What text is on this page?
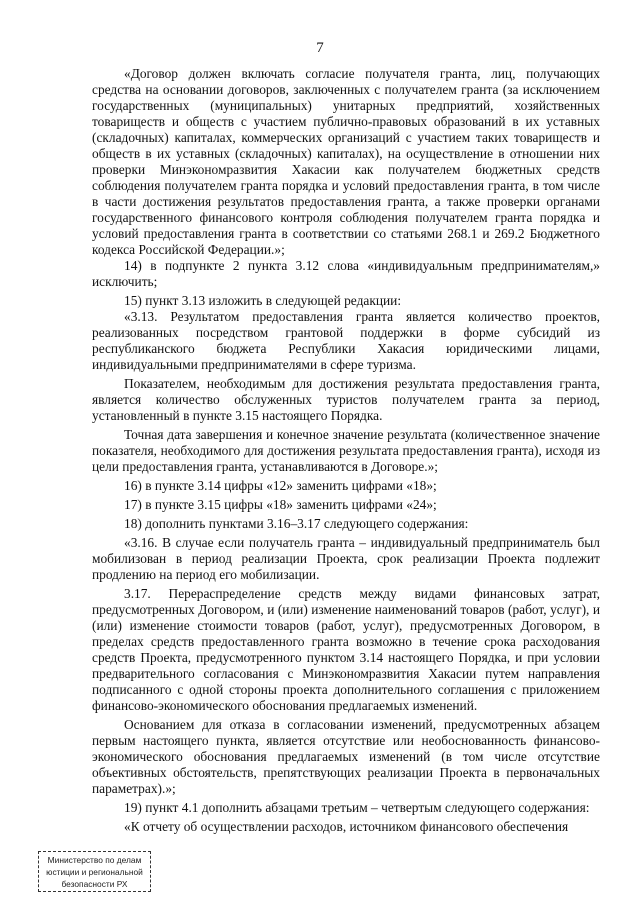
7

«Договор должен включать согласие получателя гранта, лиц, получающих средства на основании договоров, заключенных с получателем гранта (за исключением государственных (муниципальных) унитарных предприятий, хозяйственных товариществ и обществ с участием публично-правовых образований в их уставных (складочных) капиталах, коммерческих организаций с участием таких товариществ и обществ в их уставных (складочных) капиталах), на осуществление в отношении них проверки Минэкономразвития Хакасии как получателем бюджетных средств соблюдения получателем гранта порядка и условий предоставления гранта, в том числе в части достижения результатов предоставления гранта, а также проверки органами государственного финансового контроля соблюдения получателем гранта порядка и условий предоставления гранта в соответствии со статьями 268.1 и 269.2 Бюджетного кодекса Российской Федерации.»;

14) в подпункте 2 пункта 3.12 слова «индивидуальным предпринимателям,» исключить;

15) пункт 3.13 изложить в следующей редакции:

«3.13. Результатом предоставления гранта является количество проектов, реализованных посредством грантовой поддержки в форме субсидий из республиканского бюджета Республики Хакасия юридическими лицами, индивидуальными предпринимателями в сфере туризма.

Показателем, необходимым для достижения результата предоставления гранта, является количество обслуженных туристов получателем гранта за период, установленный в пункте 3.15 настоящего Порядка.

Точная дата завершения и конечное значение результата (количественное значение показателя, необходимого для достижения результата предоставления гранта), исходя из цели предоставления гранта, устанавливаются в Договоре.»;

16) в пункте 3.14 цифры «12» заменить цифрами «18»;

17) в пункте 3.15 цифры «18» заменить цифрами «24»;

18) дополнить пунктами 3.16–3.17 следующего содержания:

«3.16. В случае если получатель гранта – индивидуальный предприниматель был мобилизован в период реализации Проекта, срок реализации Проекта подлежит продлению на период его мобилизации.

3.17. Перераспределение средств между видами финансовых затрат, предусмотренных Договором, и (или) изменение наименований товаров (работ, услуг), и (или) изменение стоимости товаров (работ, услуг), предусмотренных Договором, в пределах средств предоставленного гранта возможно в течение срока расходования средств Проекта, предусмотренного пунктом 3.14 настоящего Порядка, и при условии предварительного согласования с Минэкономразвития Хакасии путем направления подписанного с одной стороны проекта дополнительного соглашения с приложением финансово-экономического обоснования предлагаемых изменений.

Основанием для отказа в согласовании изменений, предусмотренных абзацем первым настоящего пункта, является отсутствие или необоснованность финансово-экономического обоснования предлагаемых изменений (в том числе отсутствие объективных обстоятельств, препятствующих реализации Проекта в первоначальных параметрах).»;

19) пункт 4.1 дополнить абзацами третьим – четвертым следующего содержания:

«К отчету об осуществлении расходов, источником финансового обеспечения

Министерство по делам
юстиции и региональной
безопасности РХ
